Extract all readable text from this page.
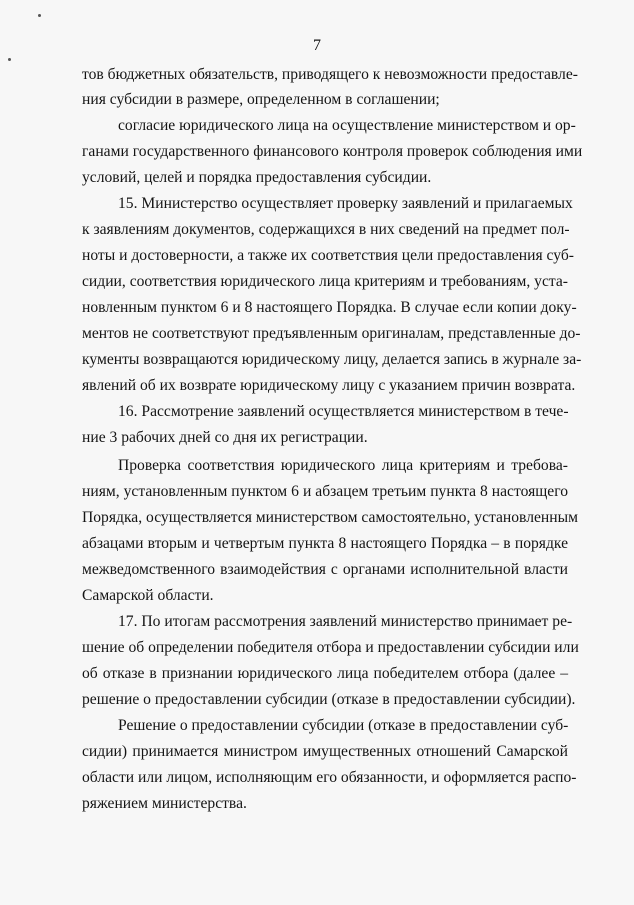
7
тов бюджетных обязательств, приводящего к невозможности предоставле-
ния субсидии в размере, определенном в соглашении;
согласие юридического лица на осуществление министерством и ор-
ганами государственного финансового контроля проверок соблюдения ими
условий, целей и порядка предоставления субсидии.
15. Министерство осуществляет проверку заявлений и прилагаемых
к заявлениям документов, содержащихся в них сведений на предмет пол-
ноты и достоверности, а также их соответствия цели предоставления суб-
сидии, соответствия юридического лица критериям и требованиям, уста-
новленным пунктом 6 и 8 настоящего Порядка. В случае если копии доку-
ментов не соответствуют предъявленным оригиналам, представленные до-
кументы возвращаются юридическому лицу, делается запись в журнале за-
явлений об их возврате юридическому лицу с указанием причин возврата.
16. Рассмотрение заявлений осуществляется министерством в тече-
ние 3 рабочих дней со дня их регистрации.
Проверка соответствия юридического лица критериям и требова-
ниям, установленным пунктом 6 и абзацем третьим пункта 8 настоящего
Порядка, осуществляется министерством самостоятельно, установленным
абзацами вторым и четвертым пункта 8 настоящего Порядка – в порядке
межведомственного взаимодействия с органами исполнительной власти
Самарской области.
17. По итогам рассмотрения заявлений министерство принимает ре-
шение об определении победителя отбора и предоставлении субсидии или
об отказе в признании юридического лица победителем отбора (далее –
решение о предоставлении субсидии (отказе в предоставлении субсидии).
Решение о предоставлении субсидии (отказе в предоставлении суб-
сидии) принимается министром имущественных отношений Самарской
области или лицом, исполняющим его обязанности, и оформляется распо-
ряжением министерства.
